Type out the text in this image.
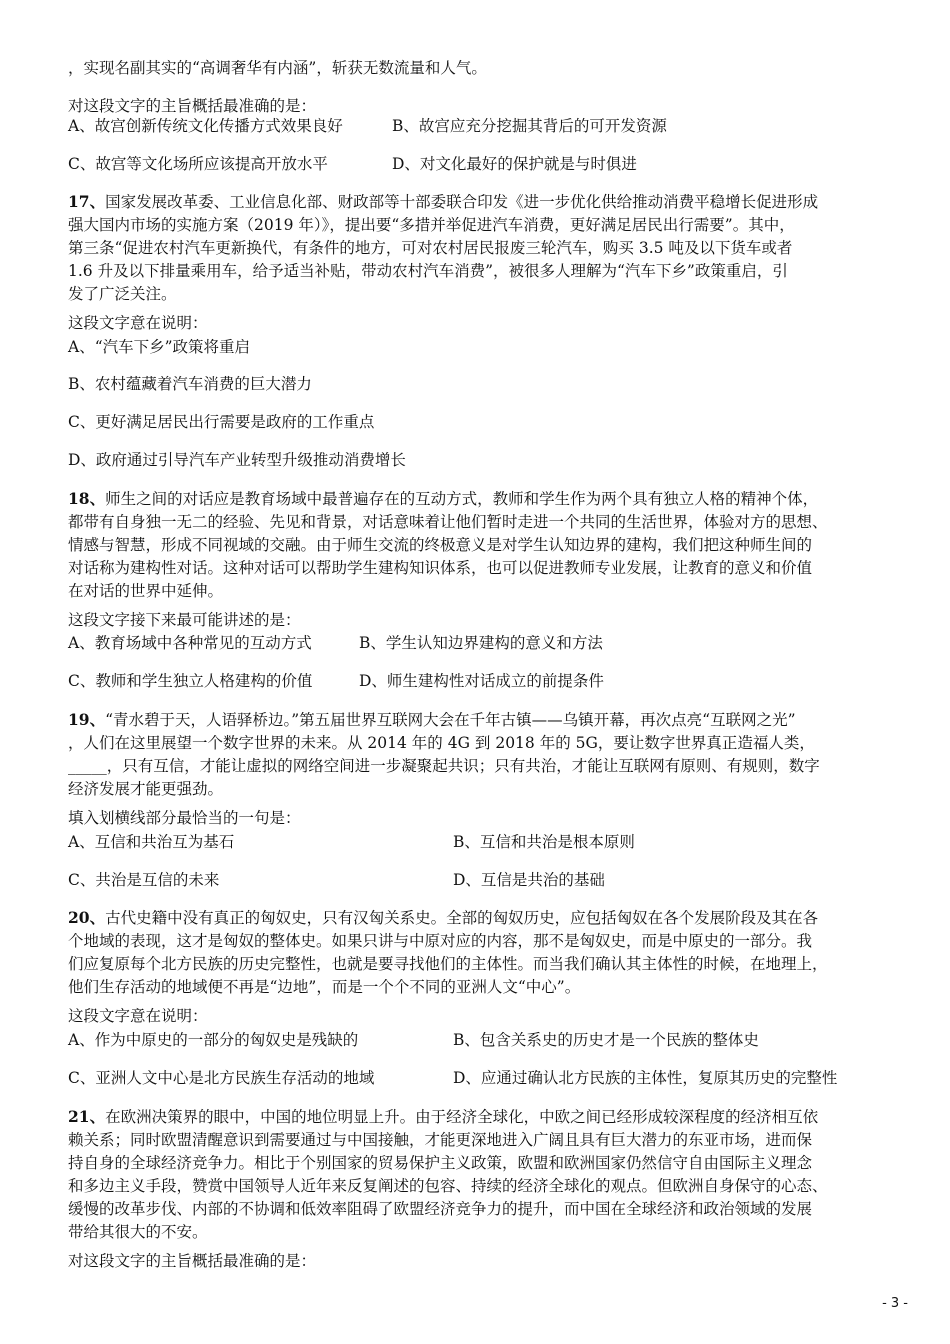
，实现名副其实的“高调奢华有内涵”，斩获无数流量和人气。
对这段文字的主旨概括最准确的是：
A、故宫创新传统文化传播方式效果良好	B、故宫应充分挖掘其背后的可开发资源
C、故宫等文化场所应该提高开放水平	D、对文化最好的保护就是与时俱进
17、国家发展改革委、工业信息化部、财政部等十部委联合印发《进一步优化供给推动消费平稳增长促进形成
强大国内市场的实施方案（2019 年）》，提出要“多措并举促进汽车消费，更好满足居民出行需要”。其中，
第三条“促进农村汽车更新换代，有条件的地方，可对农村居民报废三轮汽车，购买 3.5 吨及以下货车或者
1.6 升及以下排量乘用车，给予适当补贴，带动农村汽车消费”，被很多人理解为“汽车下乡”政策重启，引
发了广泛关注。
这段文字意在说明：
A、“汽车下乡”政策将重启
B、农村蕴藏着汽车消费的巨大潜力
C、更好满足居民出行需要是政府的工作重点
D、政府通过引导汽车产业转型升级推动消费增长
18、师生之间的对话应是教育场域中最普遍存在的互动方式，教师和学生作为两个具有独立人格的精神个体，
都带有自身独一无二的经验、先见和背景，对话意味着让他们暂时走进一个共同的生活世界，体验对方的思想、
情感与智慧，形成不同视域的交融。由于师生交流的终极意义是对学生认知边界的建构，我们把这种师生间的
对话称为建构性对话。这种对话可以帮助学生建构知识体系，也可以促进教师专业发展，让教育的意义和价值
在对话的世界中延伸。
这段文字接下来最可能讲述的是：
A、教育场域中各种常见的互动方式	B、学生认知边界建构的意义和方法
C、教师和学生独立人格建构的价值	D、师生建构性对话成立的前提条件
19、“青水碧于天，人语驿桥边。”第五届世界互联网大会在千年古镇——乌镇开幕，再次点亮“互联网之光”
，人们在这里展望一个数字世界的未来。从 2014 年的 4G 到 2018 年的 5G，要让数字世界真正造福人类，
_____，只有互信，才能让虚拟的网络空间进一步凝聚起共识；只有共治，才能让互联网有原则、有规则，数字
经济发展才能更强劲。
填入划横线部分最恰当的一句是：
A、互信和共治互为基石	B、互信和共治是根本原则
C、共治是互信的未来	D、互信是共治的基础
20、古代史籍中没有真正的匈奴史，只有汉匈关系史。全部的匈奴历史，应包括匈奴在各个发展阶段及其在各
个地域的表现，这才是匈奴的整体史。如果只讲与中原对应的内容，那不是匈奴史，而是中原史的一部分。我
们应复原每个北方民族的历史完整性，也就是要寻找他们的主体性。而当我们确认其主体性的时候，在地理上，
他们生存活动的地域便不再是“边地”，而是一个个不同的亚洲人文“中心”。
这段文字意在说明：
A、作为中原史的一部分的匈奴史是残缺的	B、包含关系史的历史才是一个民族的整体史
C、亚洲人文中心是北方民族生存活动的地域	D、应通过确认北方民族的主体性，复原其历史的完整性
21、在欧洲决策界的眼中，中国的地位明显上升。由于经济全球化，中欧之间已经形成较深程度的经济相互依
赖关系；同时欧盟清醒意识到需要通过与中国接触，才能更深地进入广阔且具有巨大潜力的东亚市场，进而保
持自身的全球经济竞争力。相比于个别国家的贸易保护主义政策，欧盟和欧洲国家仍然信守自由国际主义理念
和多边主义手段，赞赏中国领导人近年来反复阐述的包容、持续的经济全球化的观点。但欧洲自身保守的心态、
缓慢的改革步伐、内部的不协调和低效率阻碍了欧盟经济竞争力的提升，而中国在全球经济和政治领域的发展
带给其很大的不安。
对这段文字的主旨概括最准确的是：
- 3 -
